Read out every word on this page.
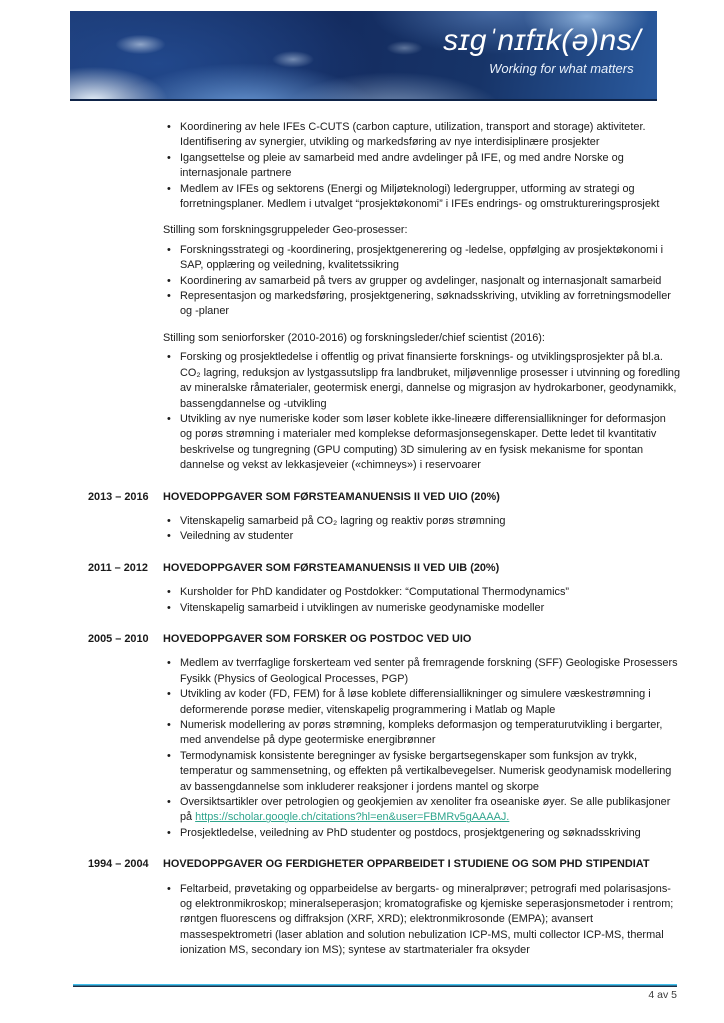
sɪgˈnɪfɪk(ə)ns/
Working for what matters
• Koordinering av hele IFEs C-CUTS (carbon capture, utilization, transport and storage) aktiviteter. Identifisering av synergier, utvikling og markedsføring av nye interdisiplinære prosjekter
• Igangsettelse og pleie av samarbeid med andre avdelinger på IFE, og med andre Norske og internasjonale partnere
• Medlem av IFEs og sektorens (Energi og Miljøteknologi) ledergrupper, utforming av strategi og forretningsplaner. Medlem i utvalget “prosjektøkonomi” i IFEs endrings- og omstruktureringsprosjekt
Stilling som forskningsgruppeleder Geo-prosesser:
• Forskningsstrategi og -koordinering, prosjektgenerering og -ledelse, oppfølging av prosjektøkonomi i SAP, opplæring og veiledning, kvalitetssikring
• Koordinering av samarbeid på tvers av grupper og avdelinger, nasjonalt og internasjonalt samarbeid
• Representasjon og markedsføring, prosjektgenering, søknadsskriving, utvikling av forretningsmodeller og -planer
Stilling som seniorforsker (2010-2016) og forskningsleder/chief scientist (2016):
• Forsking og prosjektledelse i offentlig og privat finansierte forsknings- og utviklingsprosjekter på bl.a. CO₂ lagring, reduksjon av lystgassutslipp fra landbruket, miljøvennlige prosesser i utvinning og foredling av mineralske råmaterialer, geotermisk energi, dannelse og migrasjon av hydrokarboner, geodynamikk, bassengdannelse og -utvikling
• Utvikling av nye numeriske koder som løser koblete ikke-lineære differensiallikninger for deformasjon og porøs strømning i materialer med komplekse deformasjonsegenskaper. Dette ledet til kvantitativ beskrivelse og tungregning (GPU computing) 3D simulering av en fysisk mekanisme for spontan dannelse og vekst av lekkasjeveier («chimneys») i reservoarer
2013 – 2016	HOVEDOPPGAVER SOM FØRSTEAMANUENSIS II VED UIO (20%)
• Vitenskapelig samarbeid på CO₂ lagring og reaktiv porøs strømning
• Veiledning av studenter
2011 – 2012	HOVEDOPPGAVER SOM FØRSTEAMANUENSIS II VED UIB (20%)
• Kursholder for PhD kandidater og Postdokker: “Computational Thermodynamics”
• Vitenskapelig samarbeid i utviklingen av numeriske geodynamiske modeller
2005 – 2010	HOVEDOPPGAVER SOM FORSKER OG POSTDOC VED UIO
• Medlem av tverrfaglige forskerteam ved senter på fremragende forskning (SFF) Geologiske Prosessers Fysikk (Physics of Geological Processes, PGP)
• Utvikling av koder (FD, FEM) for å løse koblete differensiallikninger og simulere væskestrømning i deformerende porøse medier, vitenskapelig programmering i Matlab og Maple
• Numerisk modellering av porøs strømning, kompleks deformasjon og temperaturutvikling i bergarter, med anvendelse på dype geotermiske energibrønner
• Termodynamisk konsistente beregninger av fysiske bergartsegenskaper som funksjon av trykk, temperatur og sammensetning, og effekten på vertikalbevegelser. Numerisk geodynamisk modellering av bassengdannelse som inkluderer reaksjoner i jordens mantel og skorpe
• Oversiktsartikler over petrologien og geokjemien av xenoliter fra oseaniske øyer. Se alle publikasjoner på https://scholar.google.ch/citations?hl=en&user=FBMRv5gAAAAJ.
• Prosjektledelse, veiledning av PhD studenter og postdocs, prosjektgenering og søknadsskriving
1994 – 2004	HOVEDOPPGAVER OG FERDIGHETER OPPARBEIDET I STUDIENE OG SOM PHD STIPENDIAT
• Feltarbeid, prøvetaking og opparbeidelse av bergarts- og mineralprøver; petrografi med polarisasjons- og elektronmikroskop; mineralseperasjon; kromatografiske og kjemiske seperasjonsmetoder i rentrom; røntgen fluorescens og diffraksjon (XRF, XRD); elektronmikrosonde (EMPA); avansert massespektrometri (laser ablation and solution nebulization ICP-MS, multi collector ICP-MS, thermal ionization MS, secondary ion MS); syntese av startmaterialer fra oksyder
4 av 5
